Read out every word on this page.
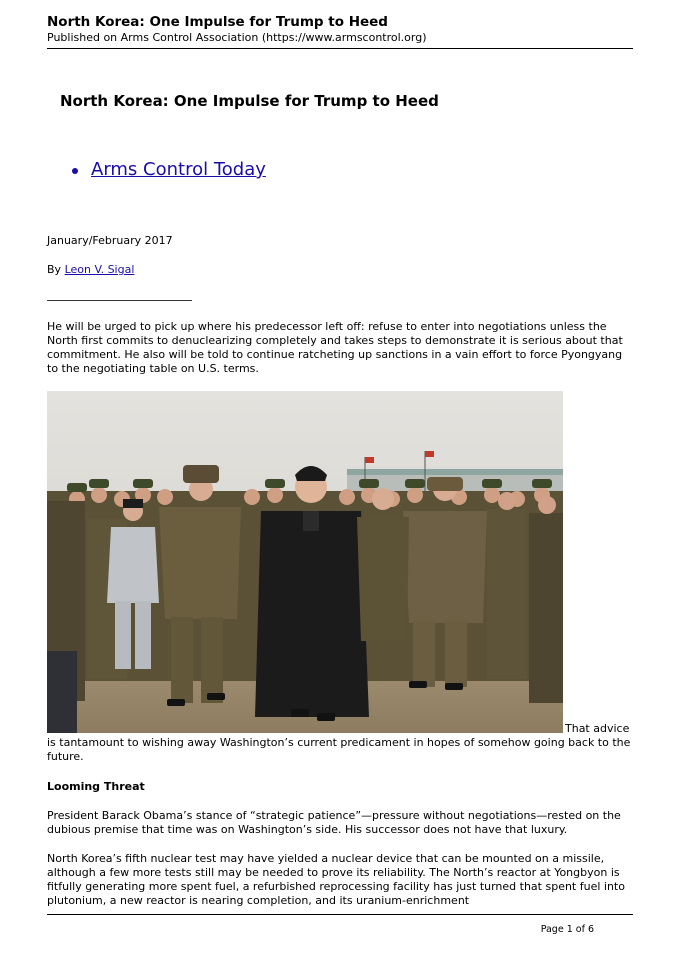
North Korea: One Impulse for Trump to Heed

Published on Arms Control Association (https://www.armscontrol.org)

North Korea: One Impulse for Trump to Heed
Arms Control Today

January/February 2017

By Leon V. Sigal

He will be urged to pick up where his predecessor left off: refuse to enter into negotiations unless the North first commits to denuclearizing completely and takes steps to demonstrate it is serious about that commitment. He also will be told to continue ratcheting up sanctions in a vain effort to force Pyongyang to the negotiating table on U.S. terms.

That advice

is tantamount to wishing away Washington’s current predicament in hopes of somehow going back to the future.

Looming Threat

President Barack Obama’s stance of “strategic patience”—pressure without negotiations—rested on the dubious premise that time was on Washington’s side. His successor does not have that luxury.

North Korea’s fifth nuclear test may have yielded a nuclear device that can be mounted on a missile, although a few more tests still may be needed to prove its reliability. The North’s reactor at Yongbyon is fitfully generating more spent fuel, a refurbished reprocessing facility has just turned that spent fuel into plutonium, a new reactor is nearing completion, and its uranium-enrichment

Page 1 of 6
